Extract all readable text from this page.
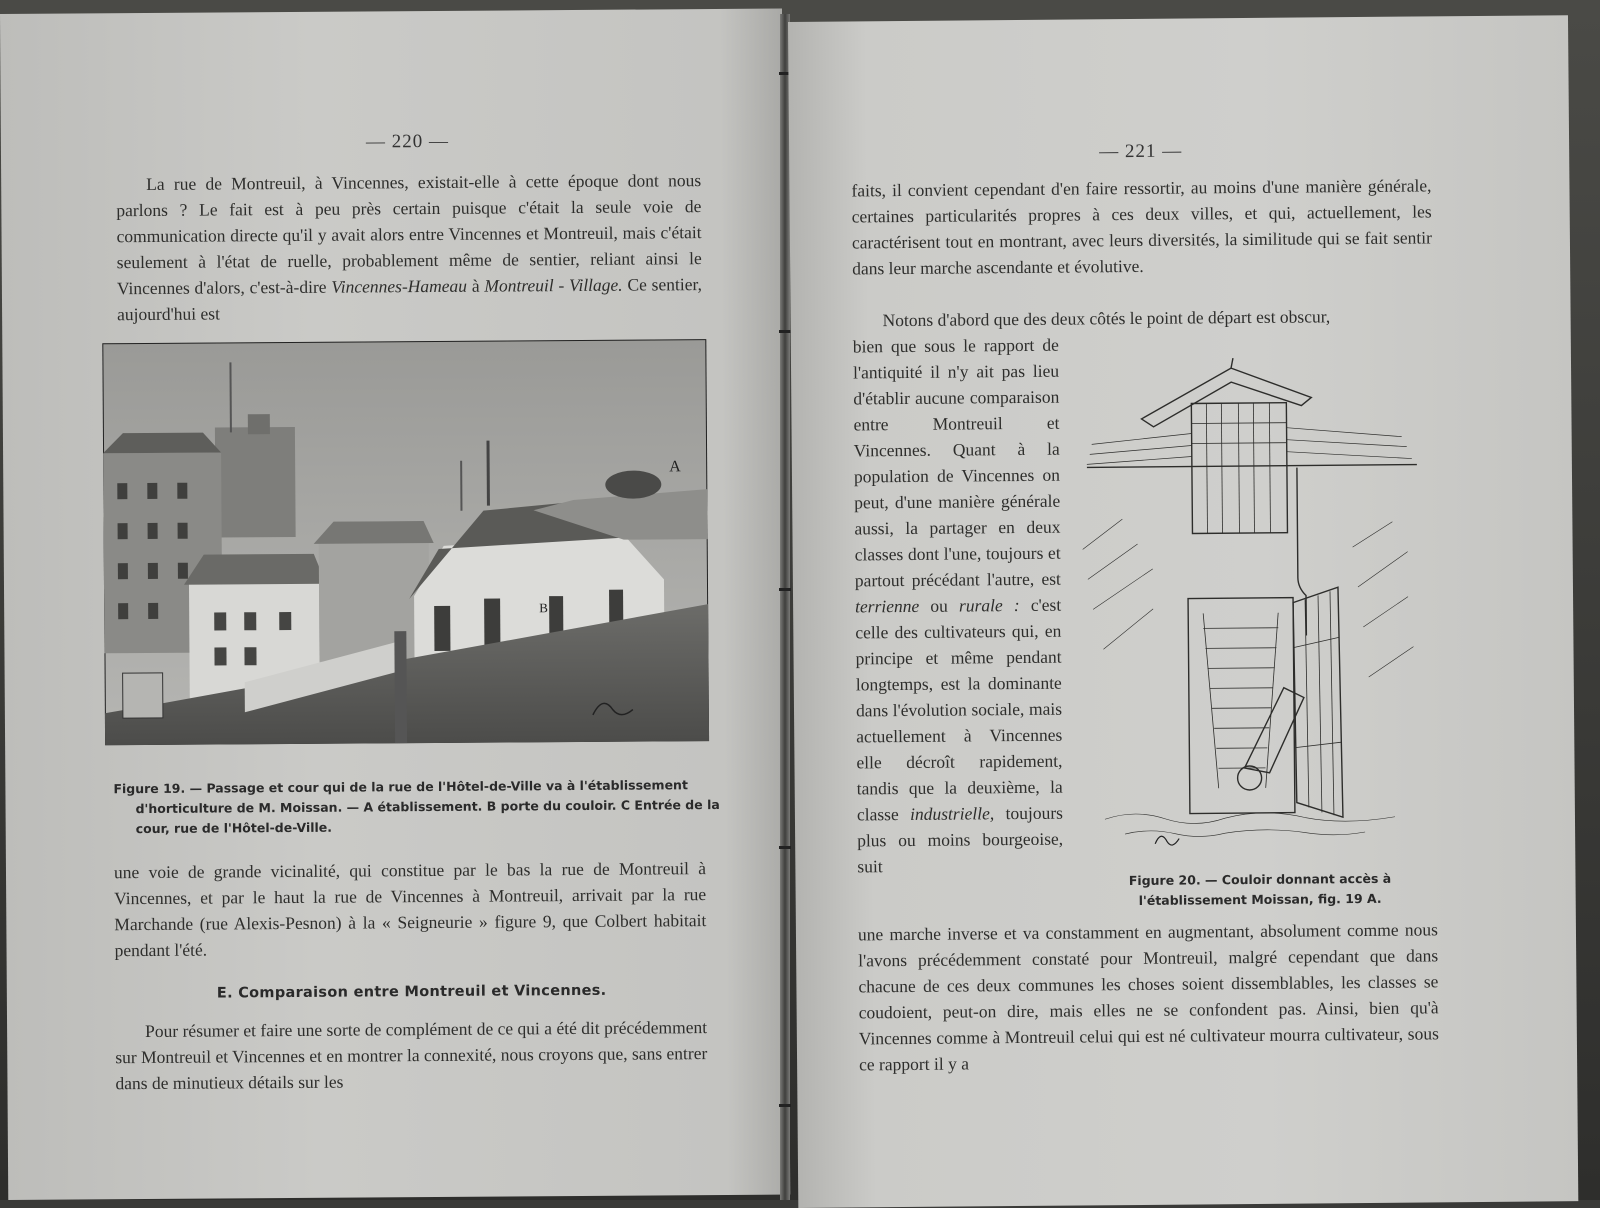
— 220 —

La rue de Montreuil, à Vincennes, existait-elle à cette époque dont nous parlons ? Le fait est à peu près certain puisque c'était la seule voie de communication directe qu'il y avait alors entre Vincennes et Montreuil, mais c'était seulement à l'état de ruelle, probablement même de sentier, reliant ainsi le Vincennes d'alors, c'est-à-dire Vincennes-Hameau à Montreuil - Village. Ce sentier, aujourd'hui est

A
B
Figure 19. — Passage et cour qui de la rue de l'Hôtel-de-Ville va à l'établissement d'horticulture de M. Moissan. — A établissement. B porte du couloir. C Entrée de la cour, rue de l'Hôtel-de-Ville.

une voie de grande vicinalité, qui constitue par le bas la rue de Montreuil à Vincennes, et par le haut la rue de Vincennes à Montreuil, arrivait par la rue Marchande (rue Alexis-Pesnon) à la « Seigneurie » figure 9, que Colbert habitait pendant l'été.

E. Comparaison entre Montreuil et Vincennes.

Pour résumer et faire une sorte de complément de ce qui a été dit précédemment sur Montreuil et Vincennes et en montrer la connexité, nous croyons que, sans entrer dans de minutieux détails sur les

— 221 —

faits, il convient cependant d'en faire ressortir, au moins d'une manière générale, certaines particularités propres à ces deux villes, et qui, actuellement, les caractérisent tout en montrant, avec leurs diversités, la similitude qui se fait sentir dans leur marche ascendante et évolutive.

Notons d'abord que des deux côtés le point de départ est obscur,

bien que sous le rapport de l'antiquité il n'y ait pas lieu d'établir aucune comparaison entre Montreuil et Vincennes. Quant à la population de Vincennes on peut, d'une manière générale aussi, la partager en deux classes dont l'une, toujours et partout précédant l'autre, est terrienne ou rurale : c'est celle des cultivateurs qui, en principe et même pendant longtemps, est la dominante dans l'évolution sociale, mais actuellement à Vincennes elle décroît rapidement, tandis que la deuxième, la classe industrielle, toujours plus ou moins bourgeoise, suit

Figure 20. — Couloir donnant accès à l'établissement Moissan, fig. 19 A.

une marche inverse et va constamment en augmentant, absolument comme nous l'avons précédemment constaté pour Montreuil, malgré cependant que dans chacune de ces deux communes les choses soient dissemblables, les classes se coudoient, peut-on dire, mais elles ne se confondent pas. Ainsi, bien qu'à Vincennes comme à Montreuil celui qui est né cultivateur mourra cultivateur, sous ce rapport il y a
